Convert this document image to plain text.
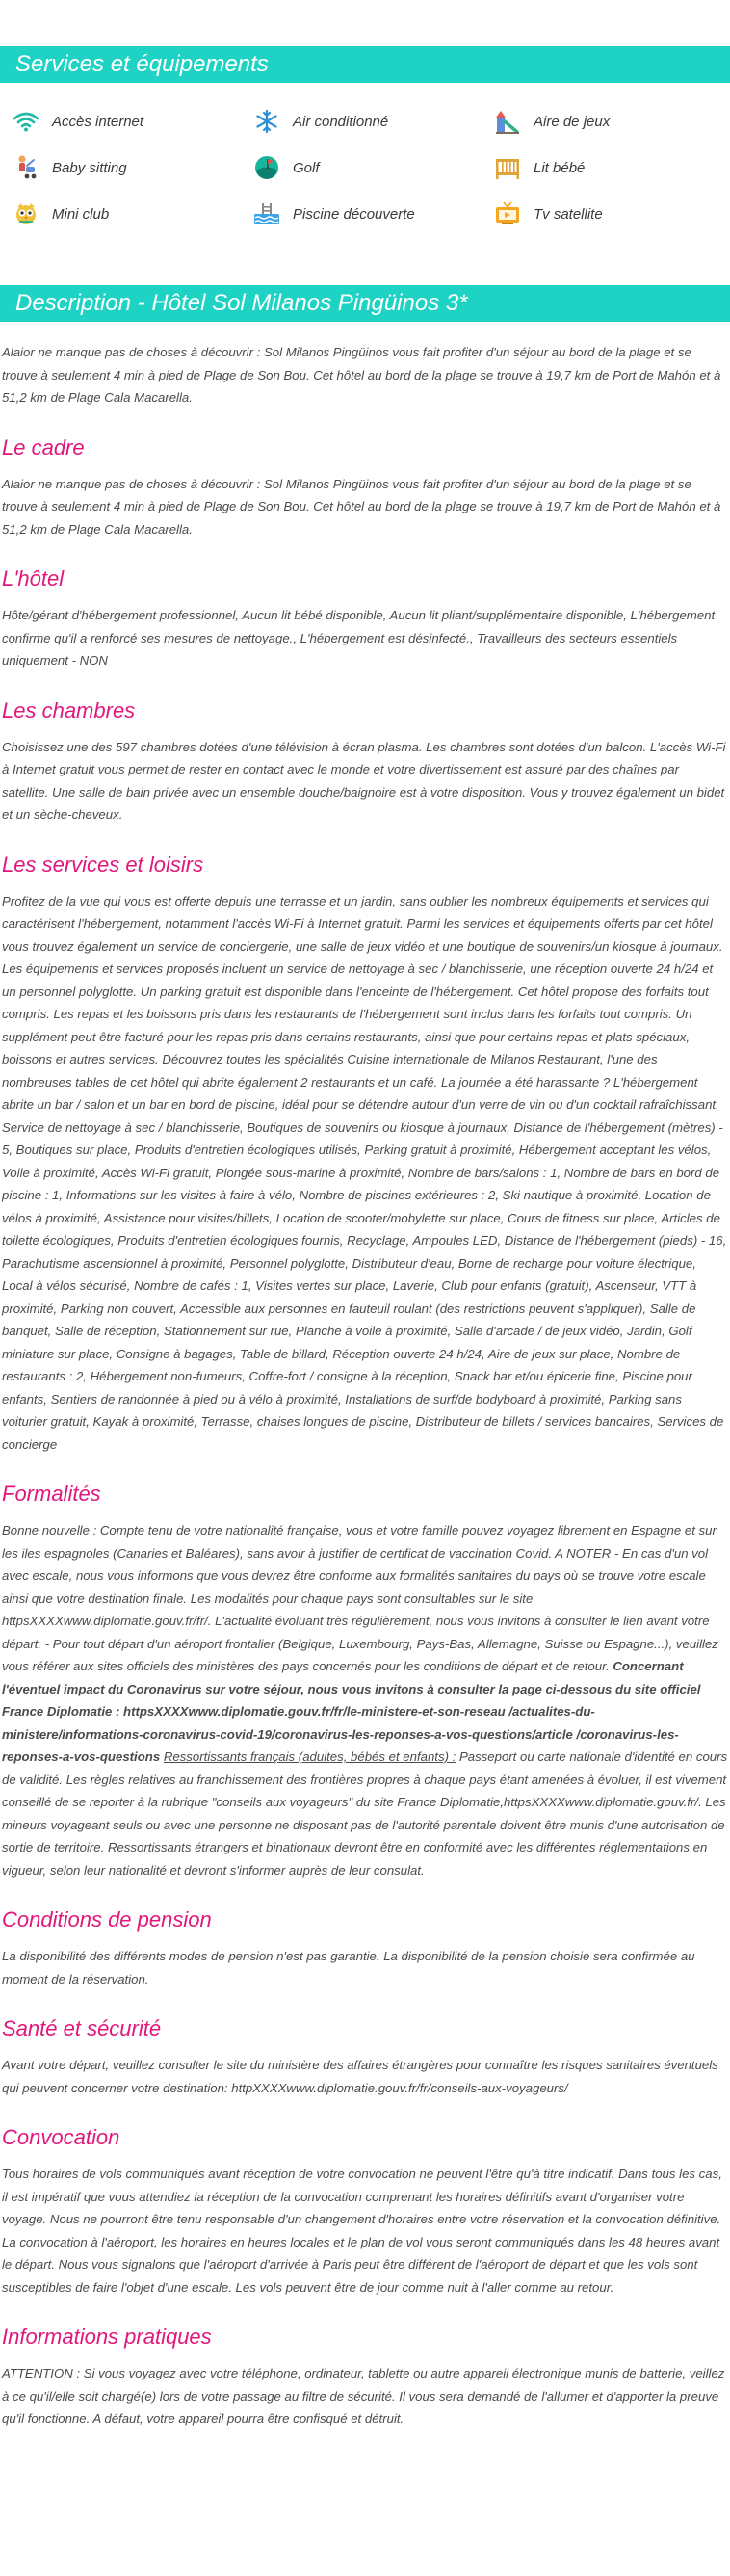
Services et équipements
Accès internet	Air conditionné	Aire de jeux
Baby sitting	Golf	Lit bébé
Mini club	Piscine découverte	Tv satellite
Description - Hôtel Sol Milanos Pingüinos 3*

Alaior ne manque pas de choses à découvrir : Sol Milanos Pingüinos vous fait profiter d'un séjour au bord de la plage et se trouve à seulement 4 min à pied de Plage de Son Bou. Cet hôtel au bord de la plage se trouve à 19,7 km de Port de Mahón et à 51,2 km de Plage Cala Macarella.

Le cadre

Alaior ne manque pas de choses à découvrir : Sol Milanos Pingüinos vous fait profiter d'un séjour au bord de la plage et se trouve à seulement 4 min à pied de Plage de Son Bou. Cet hôtel au bord de la plage se trouve à 19,7 km de Port de Mahón et à 51,2 km de Plage Cala Macarella.

L'hôtel

Hôte/gérant d'hébergement professionnel, Aucun lit bébé disponible, Aucun lit pliant/supplémentaire disponible, L'hébergement confirme qu'il a renforcé ses mesures de nettoyage., L'hébergement est désinfecté., Travailleurs des secteurs essentiels uniquement - NON

Les chambres

Choisissez une des 597 chambres dotées d'une télévision à écran plasma. Les chambres sont dotées d'un balcon. L'accès Wi-Fi à Internet gratuit vous permet de rester en contact avec le monde et votre divertissement est assuré par des chaînes par satellite. Une salle de bain privée avec un ensemble douche/baignoire est à votre disposition. Vous y trouvez également un bidet et un sèche-cheveux.

Les services et loisirs

Profitez de la vue qui vous est offerte depuis une terrasse et un jardin, sans oublier les nombreux équipements et services qui caractérisent l'hébergement, notamment l'accès Wi-Fi à Internet gratuit. Parmi les services et équipements offerts par cet hôtel vous trouvez également un service de conciergerie, une salle de jeux vidéo et une boutique de souvenirs/un kiosque à journaux. Les équipements et services proposés incluent un service de nettoyage à sec / blanchisserie, une réception ouverte 24 h/24 et un personnel polyglotte. Un parking gratuit est disponible dans l'enceinte de l'hébergement. Cet hôtel propose des forfaits tout compris. Les repas et les boissons pris dans les restaurants de l'hébergement sont inclus dans les forfaits tout compris. Un supplément peut être facturé pour les repas pris dans certains restaurants, ainsi que pour certains repas et plats spéciaux, boissons et autres services. Découvrez toutes les spécialités Cuisine internationale de Milanos Restaurant, l'une des nombreuses tables de cet hôtel qui abrite également 2 restaurants et un café. La journée a été harassante ? L'hébergement abrite un bar / salon et un bar en bord de piscine, idéal pour se détendre autour d'un verre de vin ou d'un cocktail rafraîchissant. Service de nettoyage à sec / blanchisserie, Boutiques de souvenirs ou kiosque à journaux, Distance de l'hébergement (mètres) - 5, Boutiques sur place, Produits d'entretien écologiques utilisés, Parking gratuit à proximité, Hébergement acceptant les vélos, Voile à proximité, Accès Wi-Fi gratuit, Plongée sous-marine à proximité, Nombre de bars/salons : 1, Nombre de bars en bord de piscine : 1, Informations sur les visites à faire à vélo, Nombre de piscines extérieures : 2, Ski nautique à proximité, Location de vélos à proximité, Assistance pour visites/billets, Location de scooter/mobylette sur place, Cours de fitness sur place, Articles de toilette écologiques, Produits d'entretien écologiques fournis, Recyclage, Ampoules LED, Distance de l'hébergement (pieds) - 16, Parachutisme ascensionnel à proximité, Personnel polyglotte, Distributeur d'eau, Borne de recharge pour voiture électrique, Local à vélos sécurisé, Nombre de cafés : 1, Visites vertes sur place, Laverie, Club pour enfants (gratuit), Ascenseur, VTT à proximité, Parking non couvert, Accessible aux personnes en fauteuil roulant (des restrictions peuvent s'appliquer), Salle de banquet, Salle de réception, Stationnement sur rue, Planche à voile à proximité, Salle d'arcade / de jeux vidéo, Jardin, Golf miniature sur place, Consigne à bagages, Table de billard, Réception ouverte 24 h/24, Aire de jeux sur place, Nombre de restaurants : 2, Hébergement non-fumeurs, Coffre-fort / consigne à la réception, Snack bar et/ou épicerie fine, Piscine pour enfants, Sentiers de randonnée à pied ou à vélo à proximité, Installations de surf/de bodyboard à proximité, Parking sans voiturier gratuit, Kayak à proximité, Terrasse, chaises longues de piscine, Distributeur de billets / services bancaires, Services de concierge

Formalités

Bonne nouvelle : Compte tenu de votre nationalité française, vous et votre famille pouvez voyagez librement en Espagne et sur les iles espagnoles (Canaries et Baléares), sans avoir à justifier de certificat de vaccination Covid. A NOTER - En cas d'un vol avec escale, nous vous informons que vous devrez être conforme aux formalités sanitaires du pays où se trouve votre escale ainsi que votre destination finale. Les modalités pour chaque pays sont consultables sur le site httpsXXXXwww.diplomatie.gouv.fr/fr/. L'actualité évoluant très régulièrement, nous vous invitons à consulter le lien avant votre départ. - Pour tout départ d'un aéroport frontalier (Belgique, Luxembourg, Pays-Bas, Allemagne, Suisse ou Espagne...), veuillez vous référer aux sites officiels des ministères des pays concernés pour les conditions de départ et de retour. Concernant l'éventuel impact du Coronavirus sur votre séjour, nous vous invitons à consulter la page ci-dessous du site officiel France Diplomatie : httpsXXXXwww.diplomatie.gouv.fr/fr/le-ministere-et-son-reseau /actualites-du-ministere/informations-coronavirus-covid-19/coronavirus-les-reponses-a-vos-questions/article /coronavirus-les-reponses-a-vos-questions Ressortissants français (adultes, bébés et enfants) : Passeport ou carte nationale d'identité en cours de validité. Les règles relatives au franchissement des frontières propres à chaque pays étant amenées à évoluer, il est vivement conseillé de se reporter à la rubrique "conseils aux voyageurs" du site France Diplomatie,httpsXXXXwww.diplomatie.gouv.fr/. Les mineurs voyageant seuls ou avec une personne ne disposant pas de l'autorité parentale doivent être munis d'une autorisation de sortie de territoire. Ressortissants étrangers et binationaux devront être en conformité avec les différentes réglementations en vigueur, selon leur nationalité et devront s'informer auprès de leur consulat.

Conditions de pension

La disponibilité des différents modes de pension n'est pas garantie. La disponibilité de la pension choisie sera confirmée au moment de la réservation.

Santé et sécurité

Avant votre départ, veuillez consulter le site du ministère des affaires étrangères pour connaître les risques sanitaires éventuels qui peuvent concerner votre destination: httpXXXXwww.diplomatie.gouv.fr/fr/conseils-aux-voyageurs/

Convocation

Tous horaires de vols communiqués avant réception de votre convocation ne peuvent l'être qu'à titre indicatif. Dans tous les cas, il est impératif que vous attendiez la réception de la convocation comprenant les horaires définitifs avant d'organiser votre voyage. Nous ne pourront être tenu responsable d'un changement d'horaires entre votre réservation et la convocation définitive. La convocation à l'aéroport, les horaires en heures locales et le plan de vol vous seront communiqués dans les 48 heures avant le départ. Nous vous signalons que l'aéroport d'arrivée à Paris peut être différent de l'aéroport de départ et que les vols sont susceptibles de faire l'objet d'une escale. Les vols peuvent être de jour comme nuit à l'aller comme au retour.

Informations pratiques

ATTENTION : Si vous voyagez avec votre téléphone, ordinateur, tablette ou autre appareil électronique munis de batterie, veillez à ce qu'il/elle soit chargé(e) lors de votre passage au filtre de sécurité. Il vous sera demandé de l'allumer et d'apporter la preuve qu'il fonctionne. A défaut, votre appareil pourra être confisqué et détruit.
